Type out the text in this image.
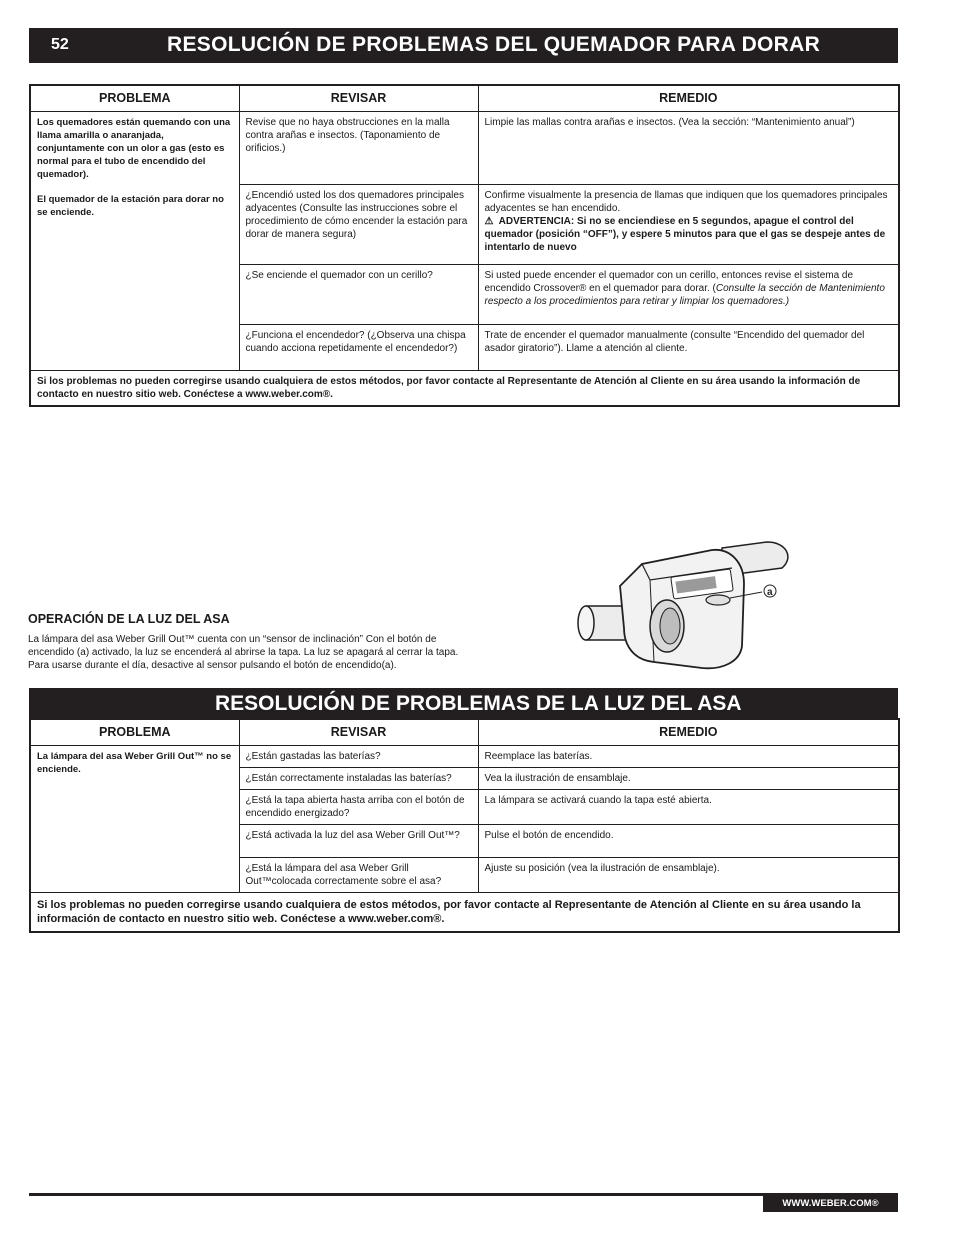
52	RESOLUCIÓN DE PROBLEMAS DEL QUEMADOR PARA DORAR
PROBLEMA	REVISAR	REMEDIO

Los quemadores están quemando con una llama amarilla o anaranjada, conjuntamente con un olor a gas (esto es normal para el tubo de encendido del quemador).

El quemador de la estación para dorar no se enciende.	Revise que no haya obstrucciones en la malla contra arañas e insectos. (Taponamiento de orificios.)	Limpie las mallas contra arañas e insectos. (Vea la sección: “Mantenimiento anual”)
	¿Encendió usted los dos quemadores principales adyacentes (Consulte las instrucciones sobre el procedimiento de cómo encender la estación para dorar de manera segura)	Confirme visualmente la presencia de llamas que indiquen que los quemadores principales adyacentes se han encendido.

⚠ ADVERTENCIA: Si no se enciendiese en 5 segundos, apague el control del quemador (posición “OFF”), y espere 5 minutos para que el gas se despeje antes de intentarlo de nuevo

	¿Se enciende el quemador con un cerillo?	Si usted puede encender el quemador con un cerillo, entonces revise el sistema de encendido Crossover® en el quemador para dorar. (Consulte la sección de Mantenimiento respecto a los procedimientos para retirar y limpiar los quemadores.)
	¿Funciona el encendedor? (¿Observa una chispa cuando acciona repetidamente el encendedor?)	Trate de encender el quemador manualmente (consulte “Encendido del quemador del asador giratorio”). Llame a atención al cliente.
Si los problemas no pueden corregirse usando cualquiera de estos métodos, por favor contacte al Representante de Atención al Cliente en su área usando la información de contacto en nuestro sitio web. Conéctese a www.weber.com®.		
OPERACIÓN DE LA LUZ DEL ASA
La lámpara del asa Weber Grill Out™ cuenta con un “sensor de inclinación” Con el botón de encendido (a) activado, la luz se encenderá al abrirse la tapa. La luz se apagará al cerrar la tapa. Para usarse durante el día, desactive al sensor pulsando el botón de encendido(a).
a
RESOLUCIÓN DE PROBLEMAS DE LA LUZ DEL ASA
PROBLEMA	REVISAR	REMEDIO
La lámpara del asa Weber Grill Out™ no se enciende.	¿Están gastadas las baterías?	Reemplace las baterías.
	¿Están correctamente instaladas las baterías?	Vea la ilustración de ensamblaje.
	¿Está la tapa abierta hasta arriba con el botón de encendido energizado?	La lámpara se activará cuando la tapa esté abierta.
	¿Está activada la luz del asa Weber Grill Out™?	Pulse el botón de encendido.
	¿Está la lámpara del asa Weber Grill Out™colocada correctamente sobre el asa?	Ajuste su posición (vea la ilustración de ensamblaje).
Si los problemas no pueden corregirse usando cualquiera de estos métodos, por favor contacte al Representante de Atención al Cliente en su área usando la información de contacto en nuestro sitio web. Conéctese a www.weber.com®.		
WWW.WEBER.COM®
